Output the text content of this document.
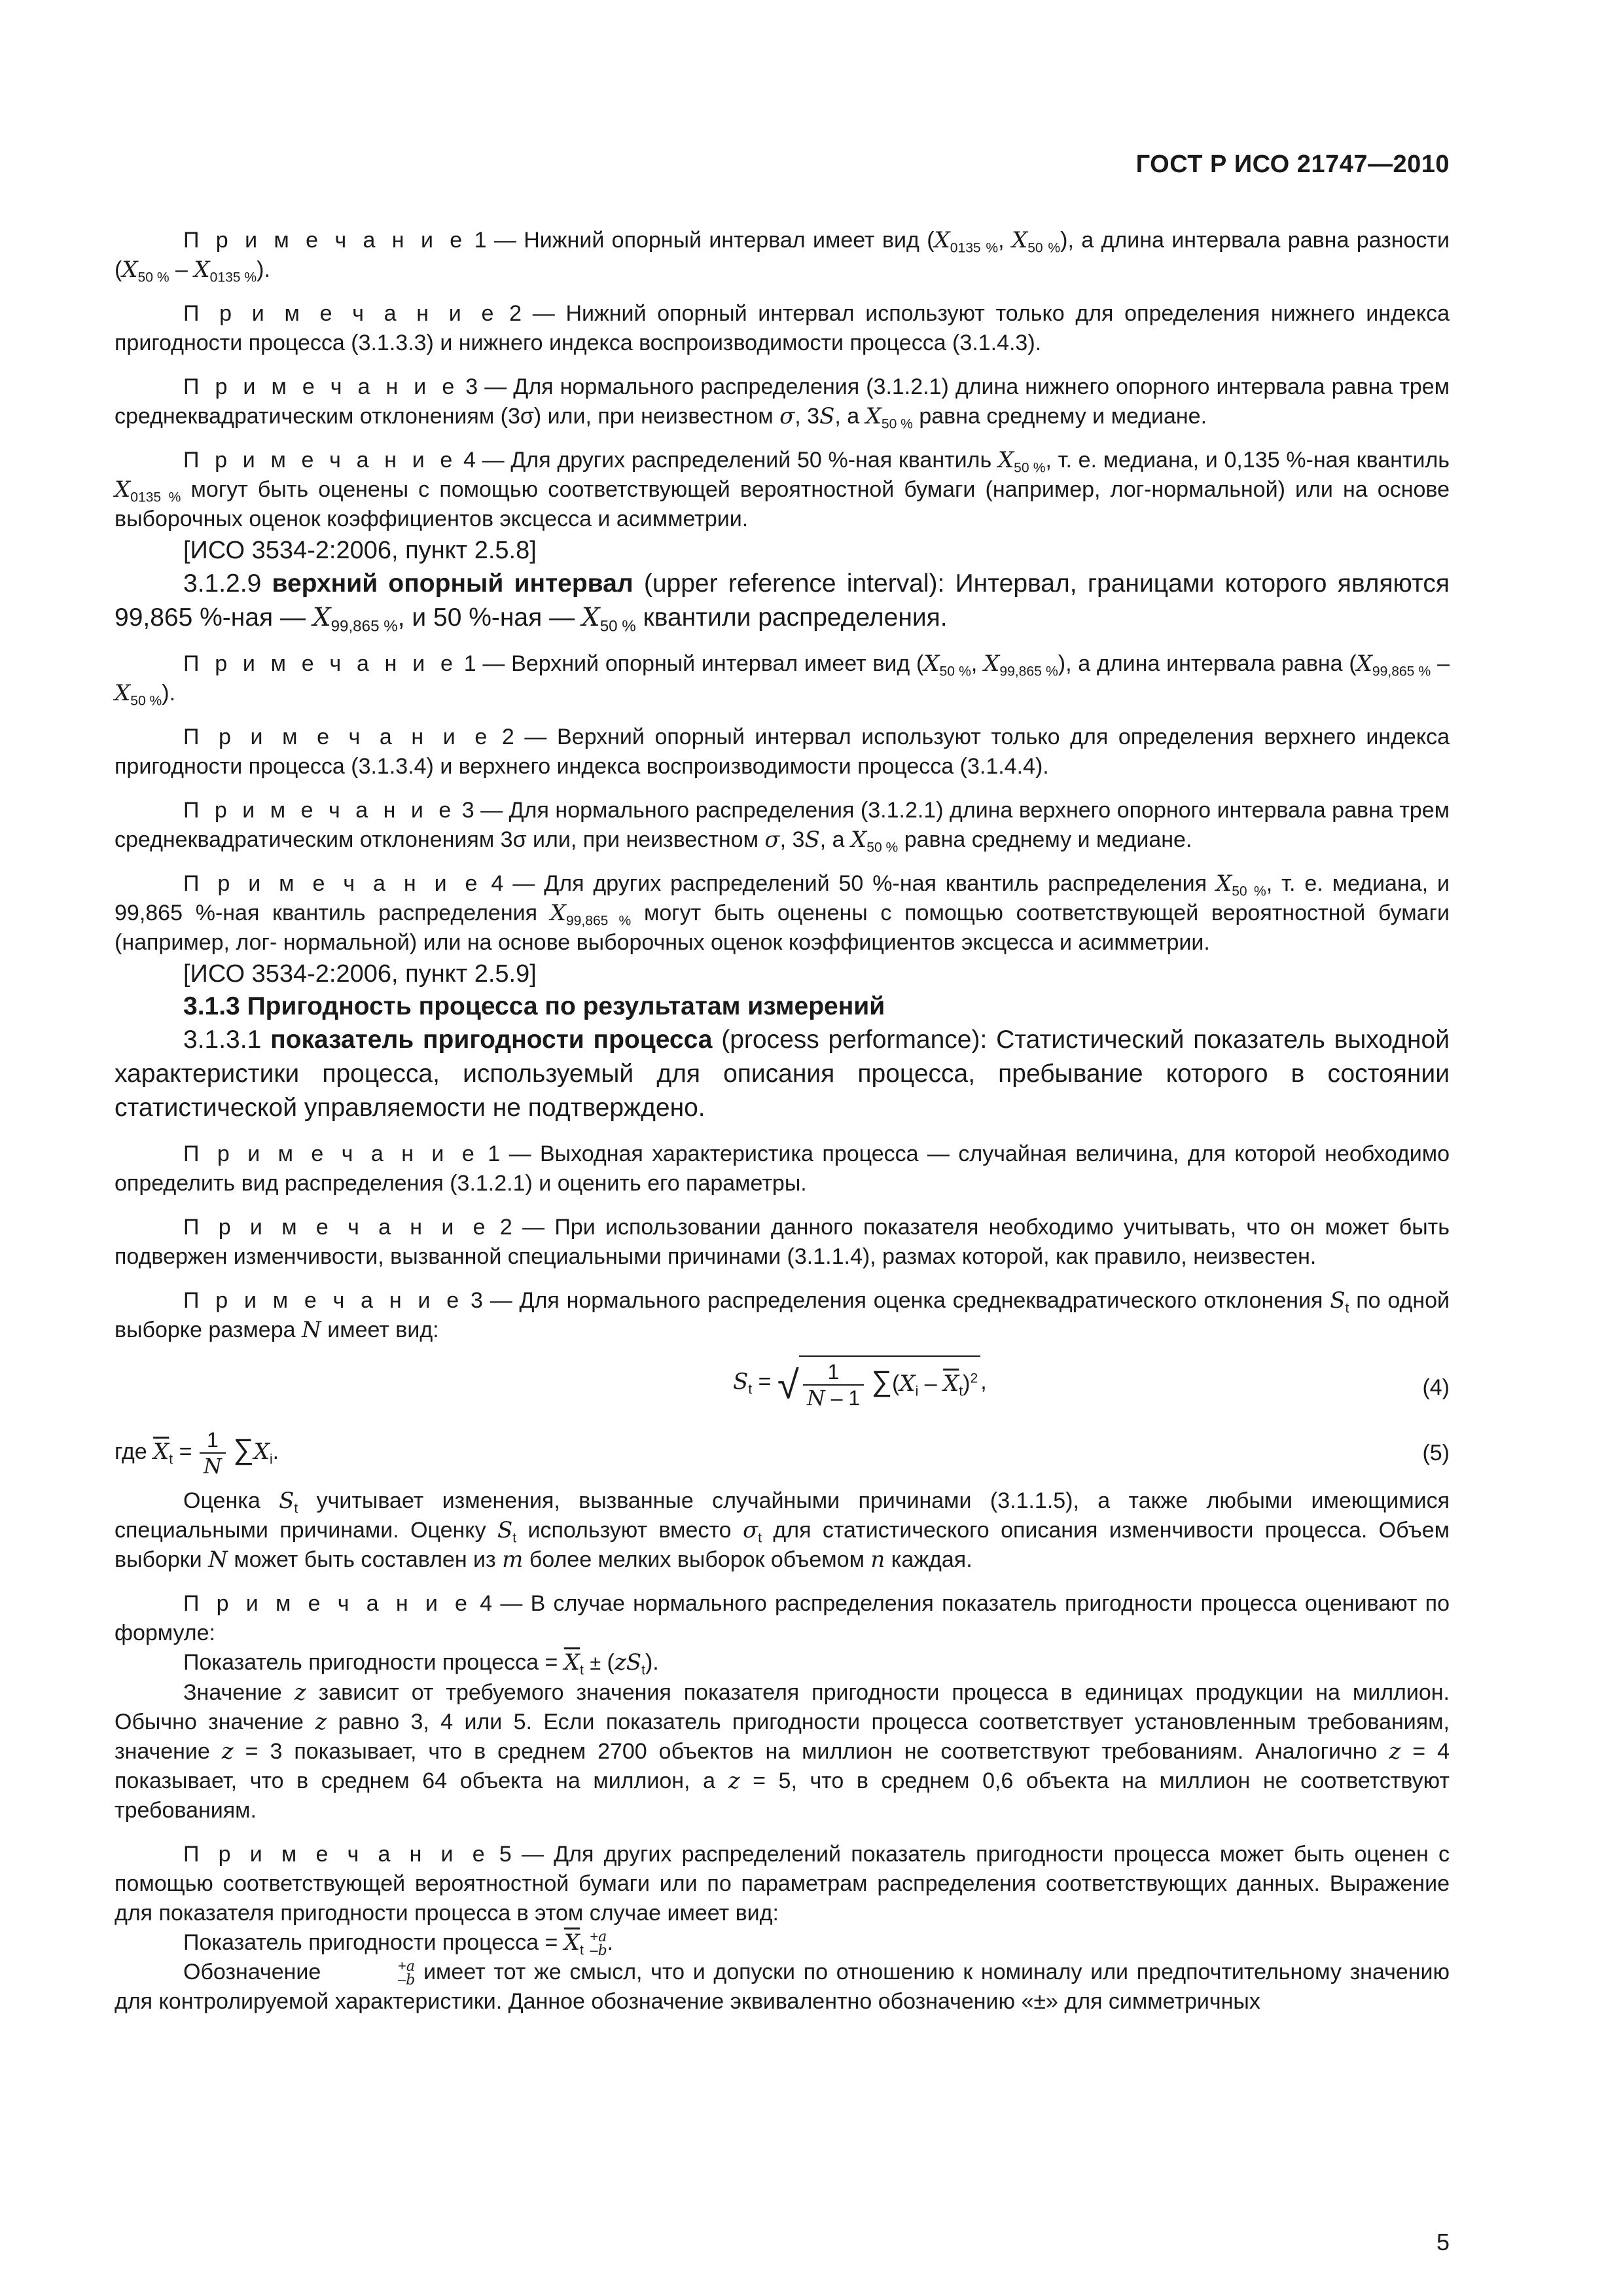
ГОСТ Р ИСО 21747—2010

П р и м е ч а н и е 1 — Нижний опорный интервал имеет вид ($X_{0135 \%}$, $X_{50 \%}$), а длина интервала равна разности $(X_{50 \%} - X_{0135 \%})$.

П р и м е ч а н и е 2 — Нижний опорный интервал используют только для определения нижнего индекса пригодности процесса (3.1.3.3) и нижнего индекса воспроизводимости процесса (3.1.4.3).

П р и м е ч а н и е 3 — Для нормального распределения (3.1.2.1) длина нижнего опорного интервала равна трем среднеквадратическим отклонениям (3σ) или, при неизвестном σ, 3S, а $X_{50 \%}$ равна среднему и медиане.

П р и м е ч а н и е 4 — Для других распределений 50 %-ная квантиль $X_{50 \%}$, т. е. медиана, и 0,135 %-ная квантиль $X_{0135 \%}$ могут быть оценены с помощью соответствующей вероятностной бумаги (например, лог-нормальной) или на основе выборочных оценок коэффициентов эксцесса и асимметрии.

[ИСО 3534-2:2006, пункт 2.5.8]

3.1.2.9 верхний опорный интервал (upper reference interval): Интервал, границами которого являются 99,865 %-ная — $X_{99,865 \%}$, и 50 %-ная — $X_{50 \%}$ квантили распределения.

П р и м е ч а н и е 1 — Верхний опорный интервал имеет вид ($X_{50 \%}$, $X_{99,865 \%}$), а длина интервала равна $(X_{99,865 \%} - X_{50 \%})$.

П р и м е ч а н и е 2 — Верхний опорный интервал используют только для определения верхнего индекса пригодности процесса (3.1.3.4) и верхнего индекса воспроизводимости процесса (3.1.4.4).

П р и м е ч а н и е 3 — Для нормального распределения (3.1.2.1) длина верхнего опорного интервала равна трем среднеквадратическим отклонениям 3σ или, при неизвестном σ, 3S, а $X_{50 \%}$ равна среднему и медиане.

П р и м е ч а н и е 4 — Для других распределений 50 %-ная квантиль распределения $X_{50 \%}$, т. е. медиана, и 99,865 %-ная квантиль распределения $X_{99,865 \%}$ могут быть оценены с помощью соответствующей вероятностной бумаги (например, лог- нормальной) или на основе выборочных оценок коэффициентов эксцесса и асимметрии.

[ИСО 3534-2:2006, пункт 2.5.9]

3.1.3 Пригодность процесса по результатам измерений

3.1.3.1 показатель пригодности процесса (process performance): Статистический показатель выходной характеристики процесса, используемый для описания процесса, пребывание которого в состоянии статистической управляемости не подтверждено.

П р и м е ч а н и е 1 — Выходная характеристика процесса — случайная величина, для которой необходимо определить вид распределения (3.1.2.1) и оценить его параметры.

П р и м е ч а н и е 2 — При использовании данного показателя необходимо учитывать, что он может быть подвержен изменчивости, вызванной специальными причинами (3.1.1.4), размах которой, как правило, неизвестен.

П р и м е ч а н и е 3 — Для нормального распределения оценка среднеквадратического отклонения $S_t$ по одной выборке размера N имеет вид:

$S_t$ = √ $\frac{1}{N - 1} \sum(X_i - \overline{X}_t)^2$ ,	(4)
где $\overline{X}_t = \frac{1}{N} \sum X_i$.	(5)

Оценка $S_t$ учитывает изменения, вызванные случайными причинами (3.1.1.5), а также любыми имеющимися специальными причинами. Оценку $S_t$ используют вместо $\sigma_t$ для статистического описания изменчивости процесса. Объем выборки N может быть составлен из m более мелких выборок объемом n каждая.

П р и м е ч а н и е 4 — В случае нормального распределения показатель пригодности процесса оценивают по формуле:

Показатель пригодности процесса = $\overline{X}_t \pm (zS_t)$.

Значение z зависит от требуемого значения показателя пригодности процесса в единицах продукции на миллион. Обычно значение z равно 3, 4 или 5. Если показатель пригодности процесса соответствует установленным требованиям, значение z = 3 показывает, что в среднем 2700 объектов на миллион не соответствуют требованиям. Аналогично z = 4 показывает, что в среднем 64 объекта на миллион, а z = 5, что в среднем 0,6 объекта на миллион не соответствуют требованиям.

П р и м е ч а н и е 5 — Для других распределений показатель пригодности процесса может быть оценен с помощью соответствующей вероятностной бумаги или по параметрам распределения соответствующих данных. Выражение для показателя пригодности процесса в этом случае имеет вид:

Показатель пригодности процесса = $\overline{X}_t$
+a
–b .

Обозначение	+a
–b имеет тот же смысл, что и допуски по отношению к номиналу или предпочтительному значению для контролируемой характеристики. Данное обозначение эквивалентно обозначению «±» для симметричных

5
